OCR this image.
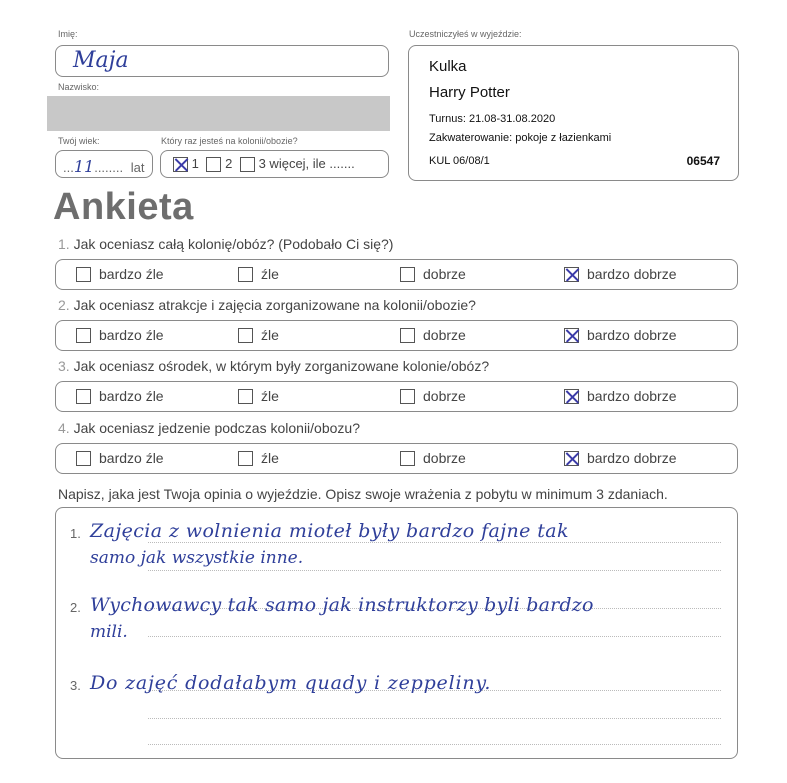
Imię:
Maja
Nazwisko:
Twój wiek:
...11........ lat
Który raz jesteś na kolonii/obozie?
1 2 3 więcej, ile .......
Uczestniczyłeś w wyjeździe:
Kulka
Harry Potter
Turnus: 21.08-31.08.2020
Zakwaterowanie: pokoje z łazienkami
KUL 06/08/1	06547
Ankieta
1. Jak oceniasz całą kolonię/obóz? (Podobało Ci się?)
bardzo źle	źle	dobrze	bardzo dobrze
2. Jak oceniasz atrakcje i zajęcia zorganizowane na kolonii/obozie?
bardzo źle	źle	dobrze	bardzo dobrze
3. Jak oceniasz ośrodek, w którym były zorganizowane kolonie/obóz?
bardzo źle	źle	dobrze	bardzo dobrze
4. Jak oceniasz jedzenie podczas kolonii/obozu?
bardzo źle	źle	dobrze	bardzo dobrze
Napisz, jaka jest Twoja opinia o wyjeździe. Opisz swoje wrażenia z pobytu w minimum 3 zdaniach.
1.
2.
3.
Zajęcia z wolnienia mioteł były bardzo fajne tak
samo jak wszystkie inne.
Wychowawcy tak samo jak instruktorzy byli bardzo
mili.
Do zajęć dodałabym quady i zeppeliny.
